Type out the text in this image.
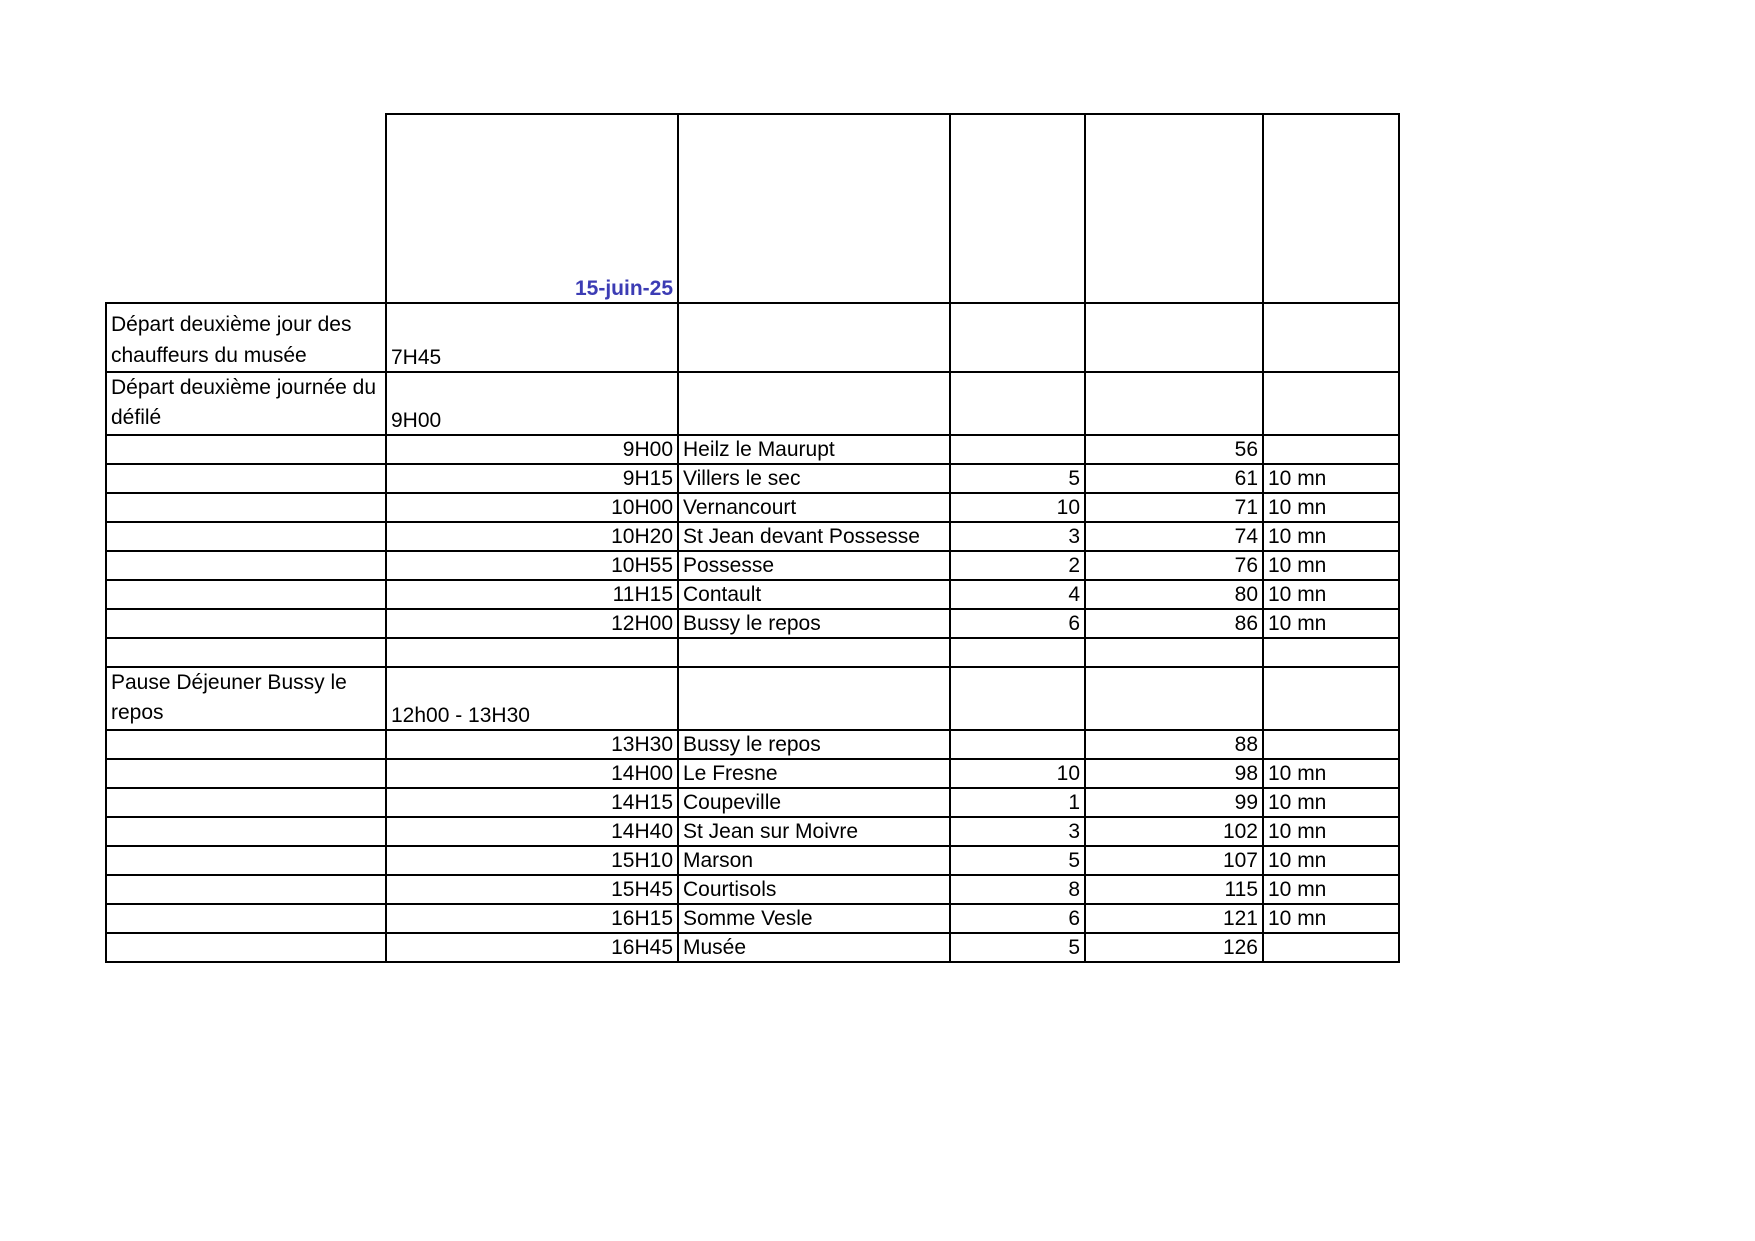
	15-juin-25				
Départ deuxième jour des chauffeurs du musée	7H45				
Départ deuxième journée du défilé	9H00				
	9H00	Heilz le Maurupt		56	
	9H15	Villers le sec	5	61	10 mn
	10H00	Vernancourt	10	71	10 mn
	10H20	St Jean devant Possesse	3	74	10 mn
	10H55	Possesse	2	76	10 mn
	11H15	Contault	4	80	10 mn
	12H00	Bussy le repos	6	86	10 mn

Pause Déjeuner Bussy le repos	12h00 - 13H30				
	13H30	Bussy le repos		88	
	14H00	Le Fresne	10	98	10 mn
	14H15	Coupeville	1	99	10 mn
	14H40	St Jean sur Moivre	3	102	10 mn
	15H10	Marson	5	107	10 mn
	15H45	Courtisols	8	115	10 mn
	16H15	Somme Vesle	6	121	10 mn
	16H45	Musée	5	126	
